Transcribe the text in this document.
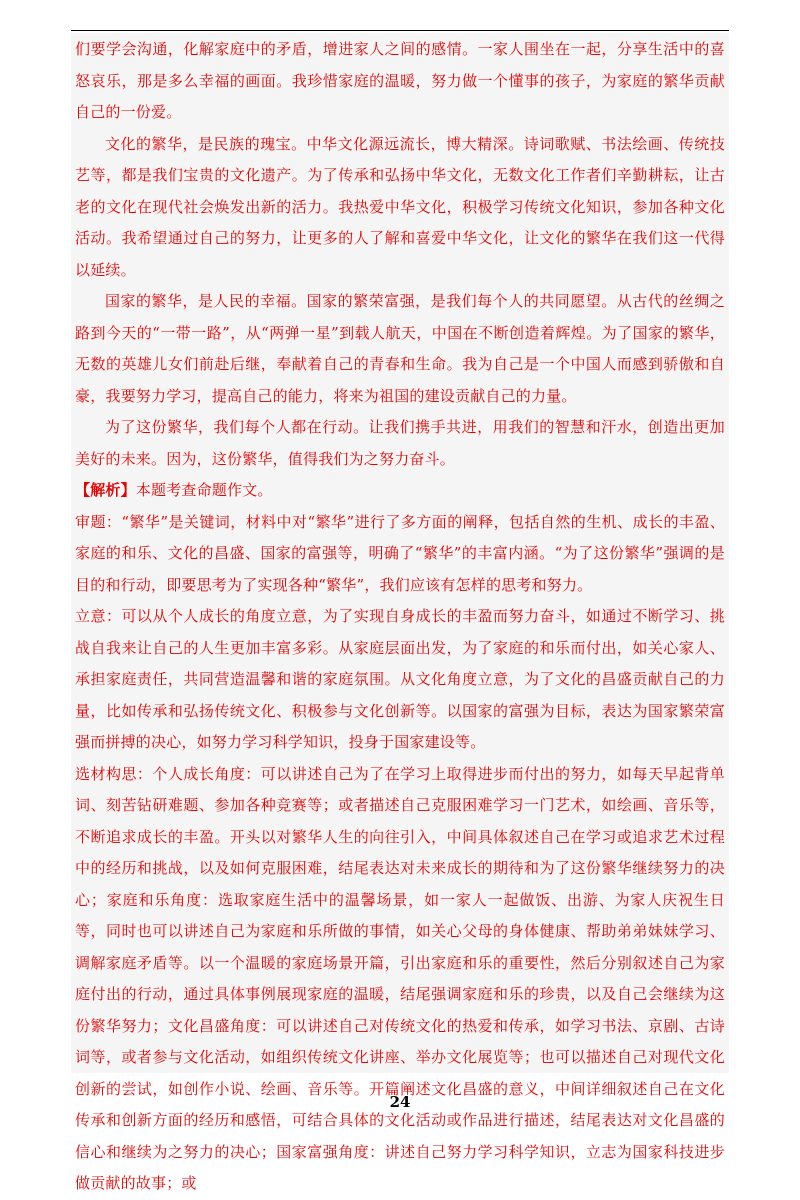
们要学会沟通，化解家庭中的矛盾，增进家人之间的感情。一家人围坐在一起，分享生活中的喜怒哀乐，那是多么幸福的画面。我珍惜家庭的温暖，努力做一个懂事的孩子，为家庭的繁华贡献自己的一份爱。

文化的繁华，是民族的瑰宝。中华文化源远流长，博大精深。诗词歌赋、书法绘画、传统技艺等，都是我们宝贵的文化遗产。为了传承和弘扬中华文化，无数文化工作者们辛勤耕耘，让古老的文化在现代社会焕发出新的活力。我热爱中华文化，积极学习传统文化知识，参加各种文化活动。我希望通过自己的努力，让更多的人了解和喜爱中华文化，让文化的繁华在我们这一代得以延续。

国家的繁华，是人民的幸福。国家的繁荣富强，是我们每个人的共同愿望。从古代的丝绸之路到今天的“一带一路”，从“两弹一星”到载人航天，中国在不断创造着辉煌。为了国家的繁华，无数的英雄儿女们前赴后继，奉献着自己的青春和生命。我为自己是一个中国人而感到骄傲和自豪，我要努力学习，提高自己的能力，将来为祖国的建设贡献自己的力量。

为了这份繁华，我们每个人都在行动。让我们携手共进，用我们的智慧和汗水，创造出更加美好的未来。因为，这份繁华，值得我们为之努力奋斗。

【解析】本题考查命题作文。

审题：“繁华”是关键词，材料中对“繁华”进行了多方面的阐释，包括自然的生机、成长的丰盈、家庭的和乐、文化的昌盛、国家的富强等，明确了“繁华”的丰富内涵。“为了这份繁华”强调的是目的和行动，即要思考为了实现各种“繁华”，我们应该有怎样的思考和努力。

立意：可以从个人成长的角度立意，为了实现自身成长的丰盈而努力奋斗，如通过不断学习、挑战自我来让自己的人生更加丰富多彩。从家庭层面出发，为了家庭的和乐而付出，如关心家人、承担家庭责任，共同营造温馨和谐的家庭氛围。从文化角度立意，为了文化的昌盛贡献自己的力量，比如传承和弘扬传统文化、积极参与文化创新等。以国家的富强为目标，表达为国家繁荣富强而拼搏的决心，如努力学习科学知识，投身于国家建设等。

选材构思：个人成长角度：可以讲述自己为了在学习上取得进步而付出的努力，如每天早起背单词、刻苦钻研难题、参加各种竞赛等；或者描述自己克服困难学习一门艺术，如绘画、音乐等，不断追求成长的丰盈。开头以对繁华人生的向往引入，中间具体叙述自己在学习或追求艺术过程中的经历和挑战，以及如何克服困难，结尾表达对未来成长的期待和为了这份繁华继续努力的决心；家庭和乐角度：选取家庭生活中的温馨场景，如一家人一起做饭、出游、为家人庆祝生日等，同时也可以讲述自己为家庭和乐所做的事情，如关心父母的身体健康、帮助弟弟妹妹学习、调解家庭矛盾等。以一个温暖的家庭场景开篇，引出家庭和乐的重要性，然后分别叙述自己为家庭付出的行动，通过具体事例展现家庭的温暖，结尾强调家庭和乐的珍贵，以及自己会继续为这份繁华努力；文化昌盛角度：可以讲述自己对传统文化的热爱和传承，如学习书法、京剧、古诗词等，或者参与文化活动，如组织传统文化讲座、举办文化展览等；也可以描述自己对现代文化创新的尝试，如创作小说、绘画、音乐等。开篇阐述文化昌盛的意义，中间详细叙述自己在文化传承和创新方面的经历和感悟，可结合具体的文化活动或作品进行描述，结尾表达对文化昌盛的信心和继续为之努力的决心；国家富强角度：讲述自己努力学习科学知识，立志为国家科技进步做贡献的故事；或

24
